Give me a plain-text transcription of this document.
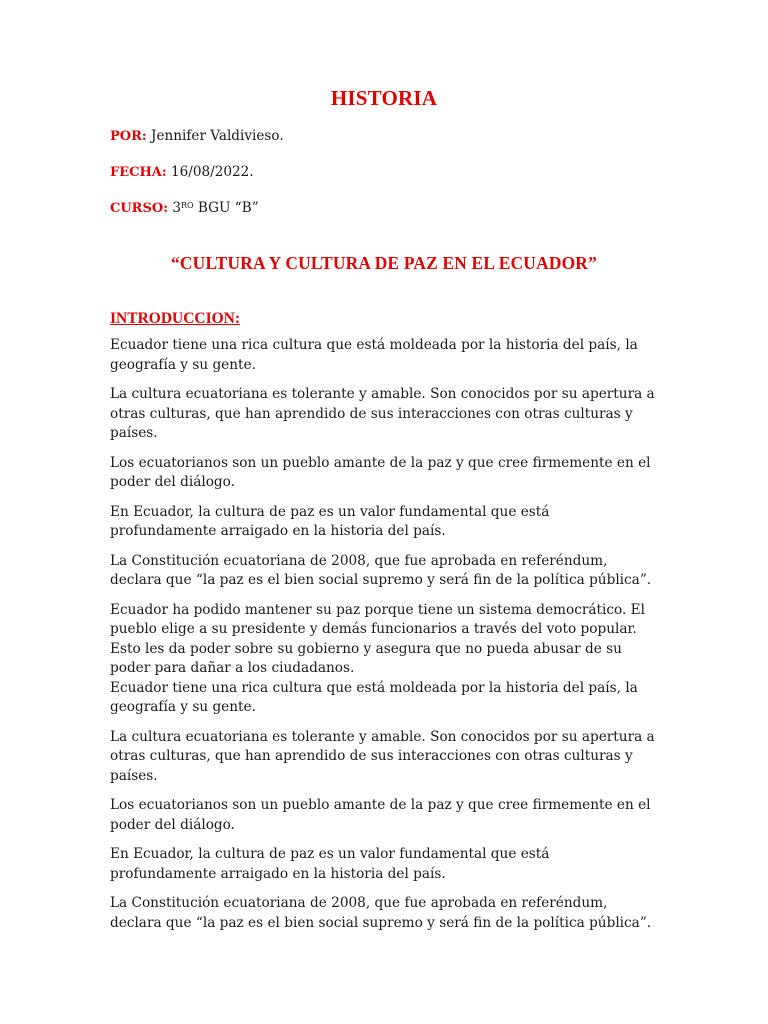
HISTORIA
POR: Jennifer Valdivieso.
FECHA: 16/08/2022.
CURSO: $3^{RO}$ BGU “B”
“CULTURA Y CULTURA DE PAZ EN EL ECUADOR”
INTRODUCCION:

Ecuador tiene una rica cultura que está moldeada por la historia del país, la geografía y su gente.

La cultura ecuatoriana es tolerante y amable. Son conocidos por su apertura a otras culturas, que han aprendido de sus interacciones con otras culturas y países.

Los ecuatorianos son un pueblo amante de la paz y que cree firmemente en el poder del diálogo.

En Ecuador, la cultura de paz es un valor fundamental que está profundamente arraigado en la historia del país.

La Constitución ecuatoriana de 2008, que fue aprobada en referéndum, declara que “la paz es el bien social supremo y será fin de la política pública”.

Ecuador ha podido mantener su paz porque tiene un sistema democrático. El pueblo elige a su presidente y demás funcionarios a través del voto popular. Esto les da poder sobre su gobierno y asegura que no pueda abusar de su poder para dañar a los ciudadanos.

Ecuador tiene una rica cultura que está moldeada por la historia del país, la geografía y su gente.

La cultura ecuatoriana es tolerante y amable. Son conocidos por su apertura a otras culturas, que han aprendido de sus interacciones con otras culturas y países.

Los ecuatorianos son un pueblo amante de la paz y que cree firmemente en el poder del diálogo.

En Ecuador, la cultura de paz es un valor fundamental que está profundamente arraigado en la historia del país.

La Constitución ecuatoriana de 2008, que fue aprobada en referéndum, declara que “la paz es el bien social supremo y será fin de la política pública”.
